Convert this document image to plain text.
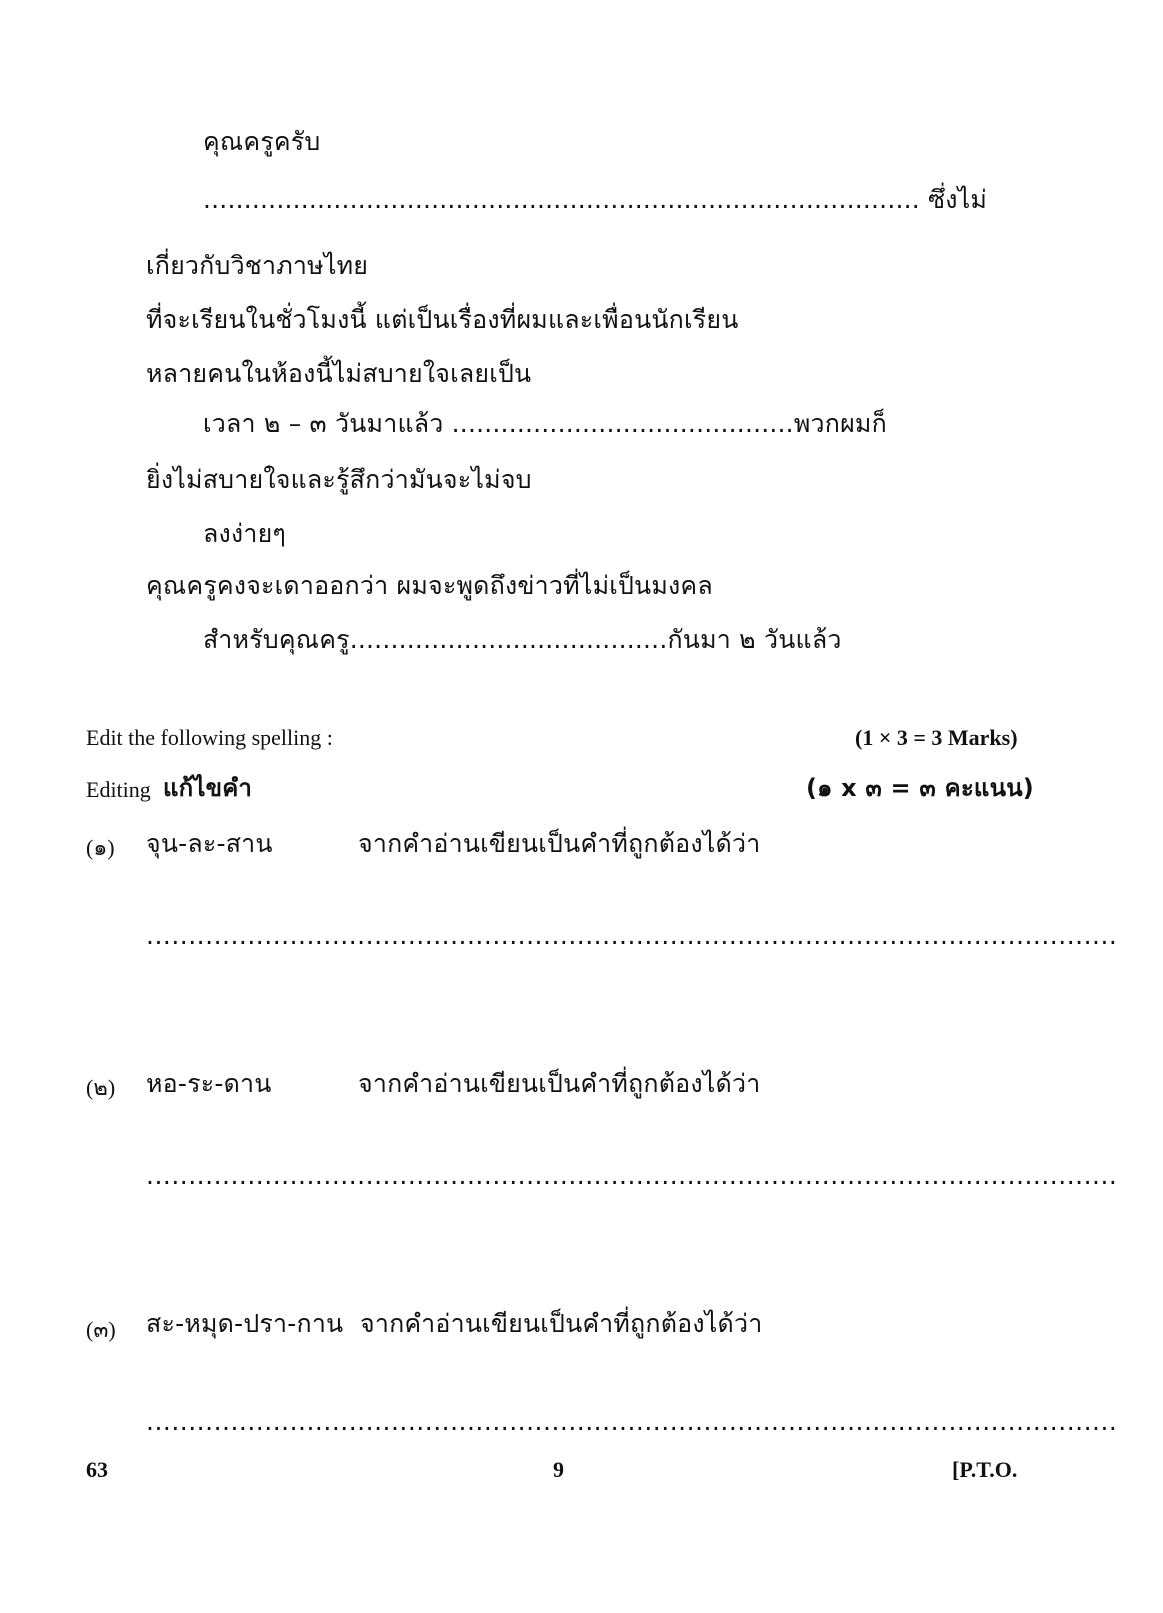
คุณครูครับ
........................................................................................ ซึ่งไม่
เกี่ยวกับวิชาภาษไทย
ที่จะเรียนในชั่วโมงนี้ แต่เป็นเรื่องที่ผมและเพื่อนนักเรียน
หลายคนในห้องนี้ไม่สบายใจเลยเป็น
เวลา ๒ – ๓ วันมาแล้ว ..........................................พวกผมก็
ยิ่งไม่สบายใจและรู้สึกว่ามันจะไม่จบ
ลงง่ายๆ
คุณครูคงจะเดาออกว่า ผมจะพูดถึงข่าวที่ไม่เป็นมงคล
สำหรับคุณครู.......................................กันมา ๒ วันแล้ว
Edit the following spelling :	(1 × 3 = 3 Marks)
Editing แก้ไขคำ	(๑ x ๓ = ๓ คะแนน)
(๑) จุน-ละ-สาน	จากคำอ่านเขียนเป็นคำที่ถูกต้องได้ว่า
...................................................................................................................
(๒) หอ-ระ-ดาน	จากคำอ่านเขียนเป็นคำที่ถูกต้องได้ว่า
...................................................................................................................
(๓) สะ-หมุด-ปรา-กาน จากคำอ่านเขียนเป็นคำที่ถูกต้องได้ว่า
...................................................................................................................
63	9	[P.T.O.
